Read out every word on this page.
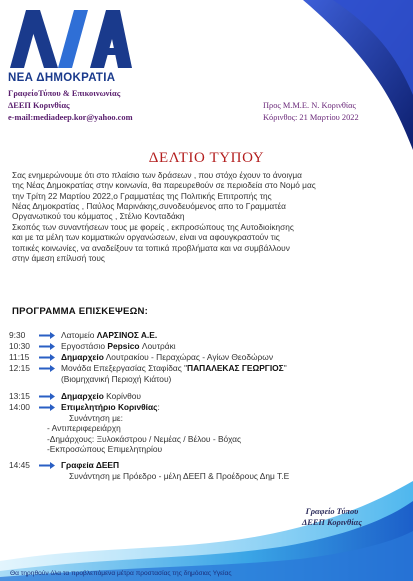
ΝΕΑ ΔΗΜΟΚΡΑΤΙΑ
ΓραφείοΤύπου & Επικοινωνίας
ΔΕΕΠ Κορινθίας
e-mail:mediadeep.kor@yahoo.com
Προς Μ.Μ.Ε. Ν. Κορινθίας
Κόρινθος: 21 Μαρτίου 2022
ΔΕΛΤΙΟ ΤΥΠΟΥ
Σας ενημερώνουμε ότι στο πλαίσιο των δράσεων , που στόχο έχουν το άνοιγμα
της Νέας Δημοκρατίας στην κοινωνία, θα παρευρεθούν σε περιοδεία στο Νομό μας
την Τρίτη 22 Μαρτίου 2022,ο Γραμματέας της Πολιτικής Επιτροπής της
Νέας Δημοκρατίας , Παύλος Μαρινάκης,συνοδευόμενος απο το Γραμματέα
Οργανωτικού του κόμματος , Στέλιο Κονταδάκη
Σκοπός των συναντήσεων τους με φορείς , εκπροσώπους της Αυτοδιοίκησης
και με τα μέλη των κομματικών οργανώσεων, είναι να αφουγκραστούν τις
τοπικές κοινωνίες, να αναδείξουν τα τοπικά προβλήματα και να συμβάλλουν
στην άμεση επίλυσή τους
ΠΡΟΓΡΑΜΜΑ ΕΠΙΣΚΕΨΕΩΝ:
9:30	Λατομείο ΛΑΡΣΙΝΟΣ Α.Ε.
10:30	Εργοστάσιο Pepsico Λουτράκι
11:15	Δημαρχείο Λουτρακίου - Περαχώρας - Αγίων Θεοδώρων
12:15	Μονάδα Επεξεργασίας Σταφίδας "ΠΑΠΑΛΕΚΑΣ ΓΕΩΡΓΙΟΣ"
(Βιομηχανική Περιοχή Κιάτου)
13:15	Δημαρχείο Κορίνθου
14:00	Επιμελητήριο Κορινθίας:
Συνάντηση με:
- Αντιπεριφερειάρχη
-Δημάρχους: Ξυλοκάστρου / Νεμέας / Βέλου - Βόχας
-Εκπροσώπους Επιμελητηρίου
14:45	Γραφεία ΔΕΕΠ
Συνάντηση με Πρόεδρο - μέλη ΔΕΕΠ & Προέδρους Δημ Τ.Ε
Γραφείο Τύπου
ΔΕΕΠ Κορινθίας
Θα τηρηθούν όλα τα προβλεπόμενα μέτρα προστασίας της δημόσιας Υγείας
